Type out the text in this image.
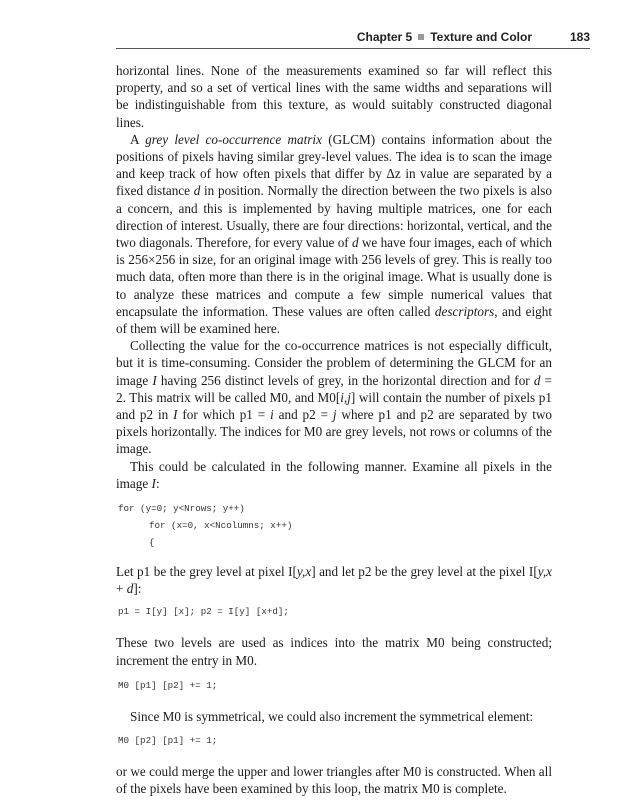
Chapter 5 Texture and Color	183

horizontal lines. None of the measurements examined so far will reflect this property, and so a set of vertical lines with the same widths and separations will be indistinguishable from this texture, as would suitably constructed diagonal lines.

A grey level co-occurrence matrix (GLCM) contains information about the positions of pixels having similar grey-level values. The idea is to scan the image and keep track of how often pixels that differ by Δz in value are separated by a fixed distance d in position. Normally the direction between the two pixels is also a concern, and this is implemented by having multiple matrices, one for each direction of interest. Usually, there are four directions: horizontal, vertical, and the two diagonals. Therefore, for every value of d we have four images, each of which is 256×256 in size, for an original image with 256 levels of grey. This is really too much data, often more than there is in the original image. What is usually done is to analyze these matrices and compute a few simple numerical values that encapsulate the information. These values are often called descriptors, and eight of them will be examined here.

Collecting the value for the co-occurrence matrices is not especially difficult, but it is time-consuming. Consider the problem of determining the GLCM for an image I having 256 distinct levels of grey, in the horizontal direction and for d = 2. This matrix will be called M0, and M0[i,j] will contain the number of pixels p1 and p2 in I for which p1 = i and p2 = j where p1 and p2 are separated by two pixels horizontally. The indices for M0 are grey levels, not rows or columns of the image.

This could be calculated in the following manner. Examine all pixels in the image I:

for (y=0; y<Nrows; y++)
for (x=0, x<Ncolumns; x++)
{

Let p1 be the grey level at pixel I[y,x] and let p2 be the grey level at the pixel I[y,x + d]:

p1 = I[y] [x]; p2 = I[y] [x+d];

These two levels are used as indices into the matrix M0 being constructed; increment the entry in M0.

M0 [p1] [p2] += 1;

Since M0 is symmetrical, we could also increment the symmetrical element:

M0 [p2] [p1] += 1;

or we could merge the upper and lower triangles after M0 is constructed. When all of the pixels have been examined by this loop, the matrix M0 is complete.
